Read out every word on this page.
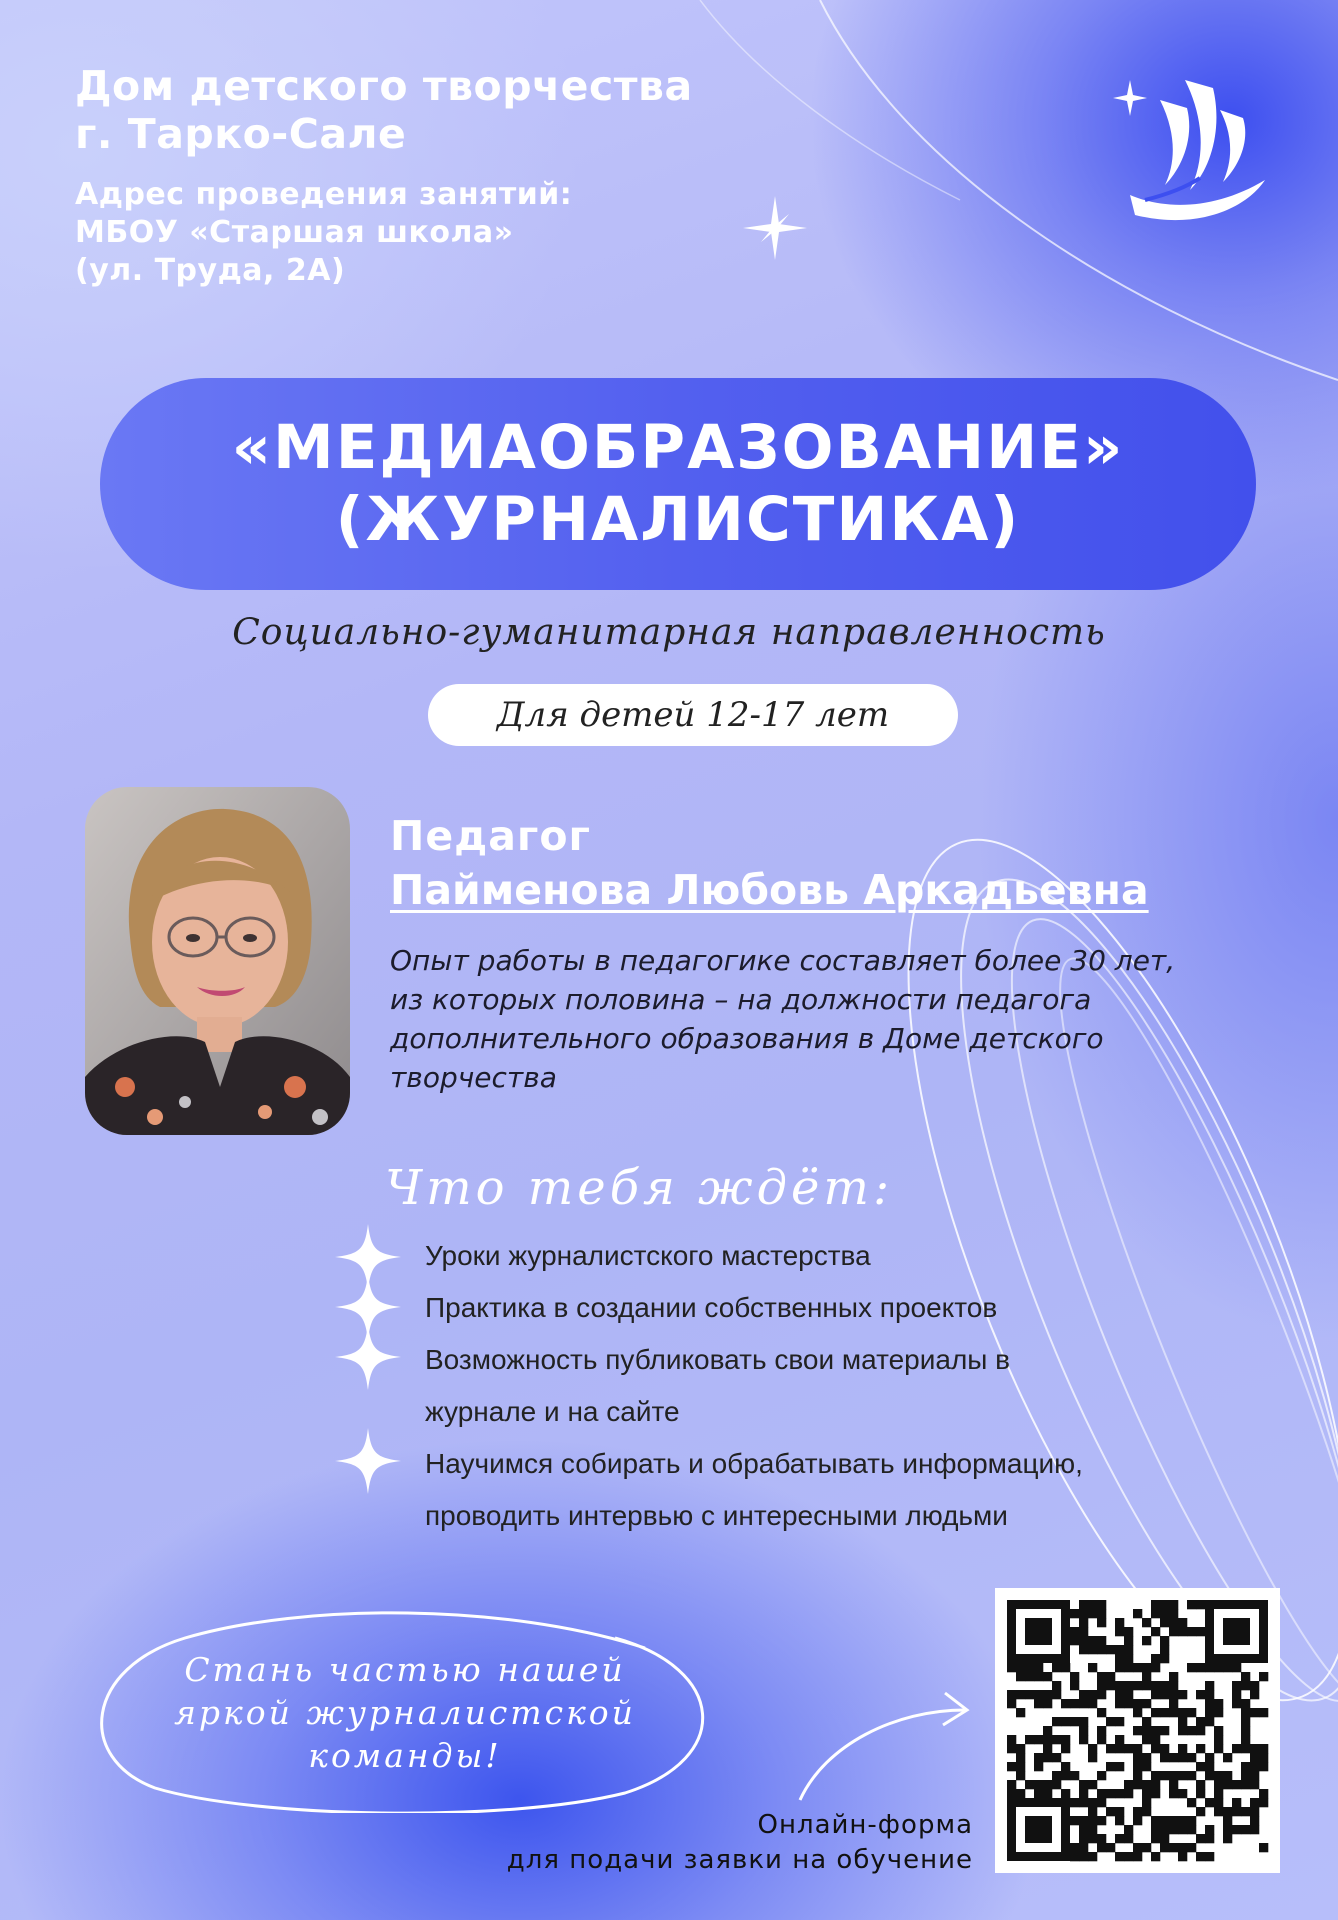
Дом детского творчества
г. Тарко-Сале
Адрес проведения занятий:
МБОУ «Старшая школа»
(ул. Труда, 2А)
«МЕДИАОБРАЗОВАНИЕ»
(ЖУРНАЛИСТИКА)
Социально-гуманитарная направленность
Для детей 12-17 лет
Педагог
Пайменова Любовь Аркадьевна
Опыт работы в педагогике составляет более 30 лет,
из которых половина – на должности педагога
дополнительного образования в Доме детского
творчества
Что тебя ждёт:
Уроки журналистского мастерства
Практика в создании собственных проектов
Возможность публиковать свои материалы в
журнале и на сайте
Научимся собирать и обрабатывать информацию,
проводить интервью с интересными людьми
Стань частью нашей
яркой журналистской
команды!
Онлайн-форма
для подачи заявки на обучение
